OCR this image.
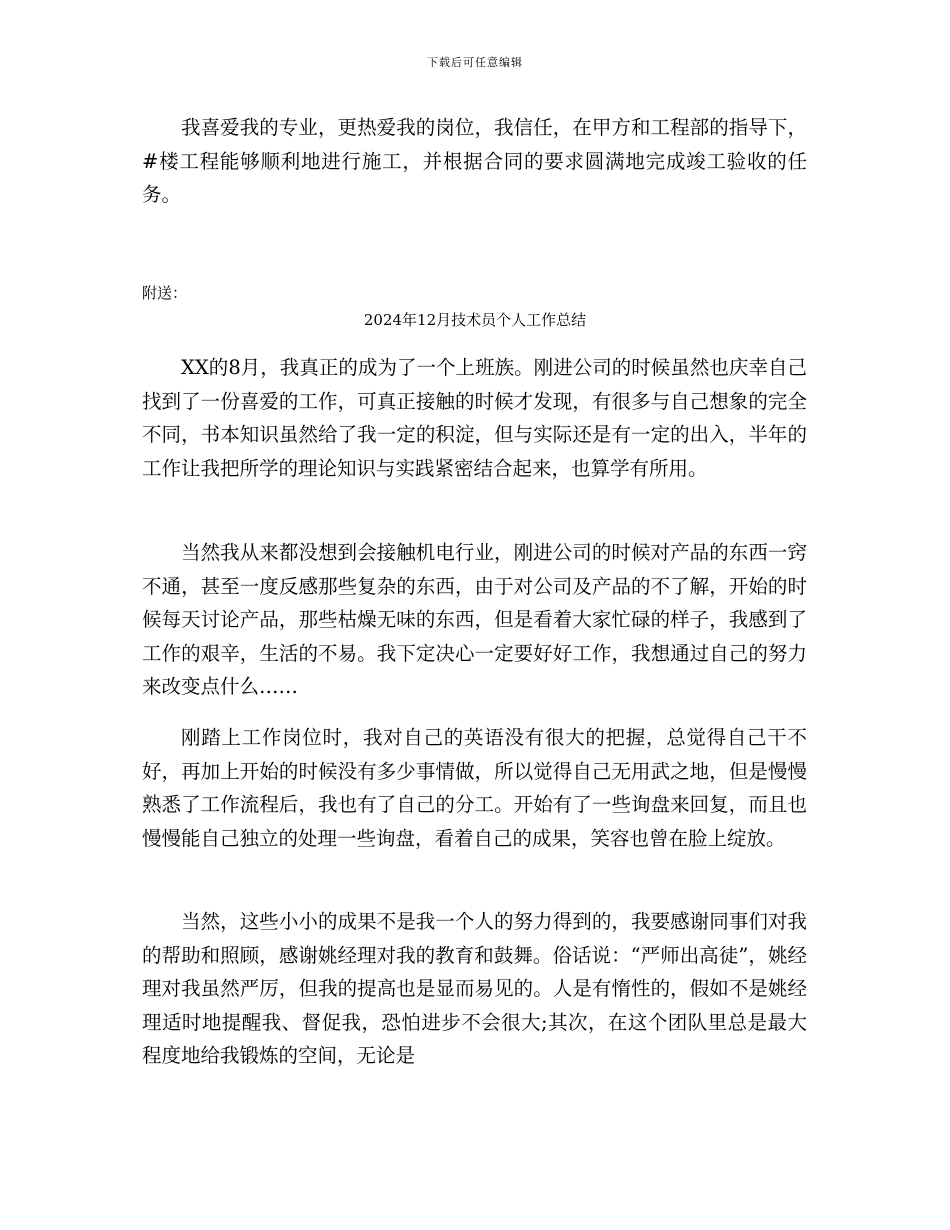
下载后可任意编辑

我喜爱我的专业，更热爱我的岗位，我信任，在甲方和工程部的指导下，#楼工程能够顺利地进行施工，并根据合同的要求圆满地完成竣工验收的任务。

附送：

2024年12月技术员个人工作总结

XX的8月，我真正的成为了一个上班族。刚进公司的时候虽然也庆幸自己找到了一份喜爱的工作，可真正接触的时候才发现，有很多与自己想象的完全不同，书本知识虽然给了我一定的积淀，但与实际还是有一定的出入，半年的工作让我把所学的理论知识与实践紧密结合起来，也算学有所用。

当然我从来都没想到会接触机电行业，刚进公司的时候对产品的东西一窍不通，甚至一度反感那些复杂的东西，由于对公司及产品的不了解，开始的时候每天讨论产品，那些枯燥无味的东西，但是看着大家忙碌的样子，我感到了工作的艰辛，生活的不易。我下定决心一定要好好工作，我想通过自己的努力来改变点什么……

刚踏上工作岗位时，我对自己的英语没有很大的把握，总觉得自己干不好，再加上开始的时候没有多少事情做，所以觉得自己无用武之地，但是慢慢熟悉了工作流程后，我也有了自己的分工。开始有了一些询盘来回复，而且也慢慢能自己独立的处理一些询盘，看着自己的成果，笑容也曾在脸上绽放。

当然，这些小小的成果不是我一个人的努力得到的，我要感谢同事们对我的帮助和照顾，感谢姚经理对我的教育和鼓舞。俗话说：“严师出高徒”，姚经理对我虽然严厉，但我的提高也是显而易见的。人是有惰性的，假如不是姚经理适时地提醒我、督促我，恐怕进步不会很大;其次，在这个团队里总是最大程度地给我锻炼的空间，无论是
